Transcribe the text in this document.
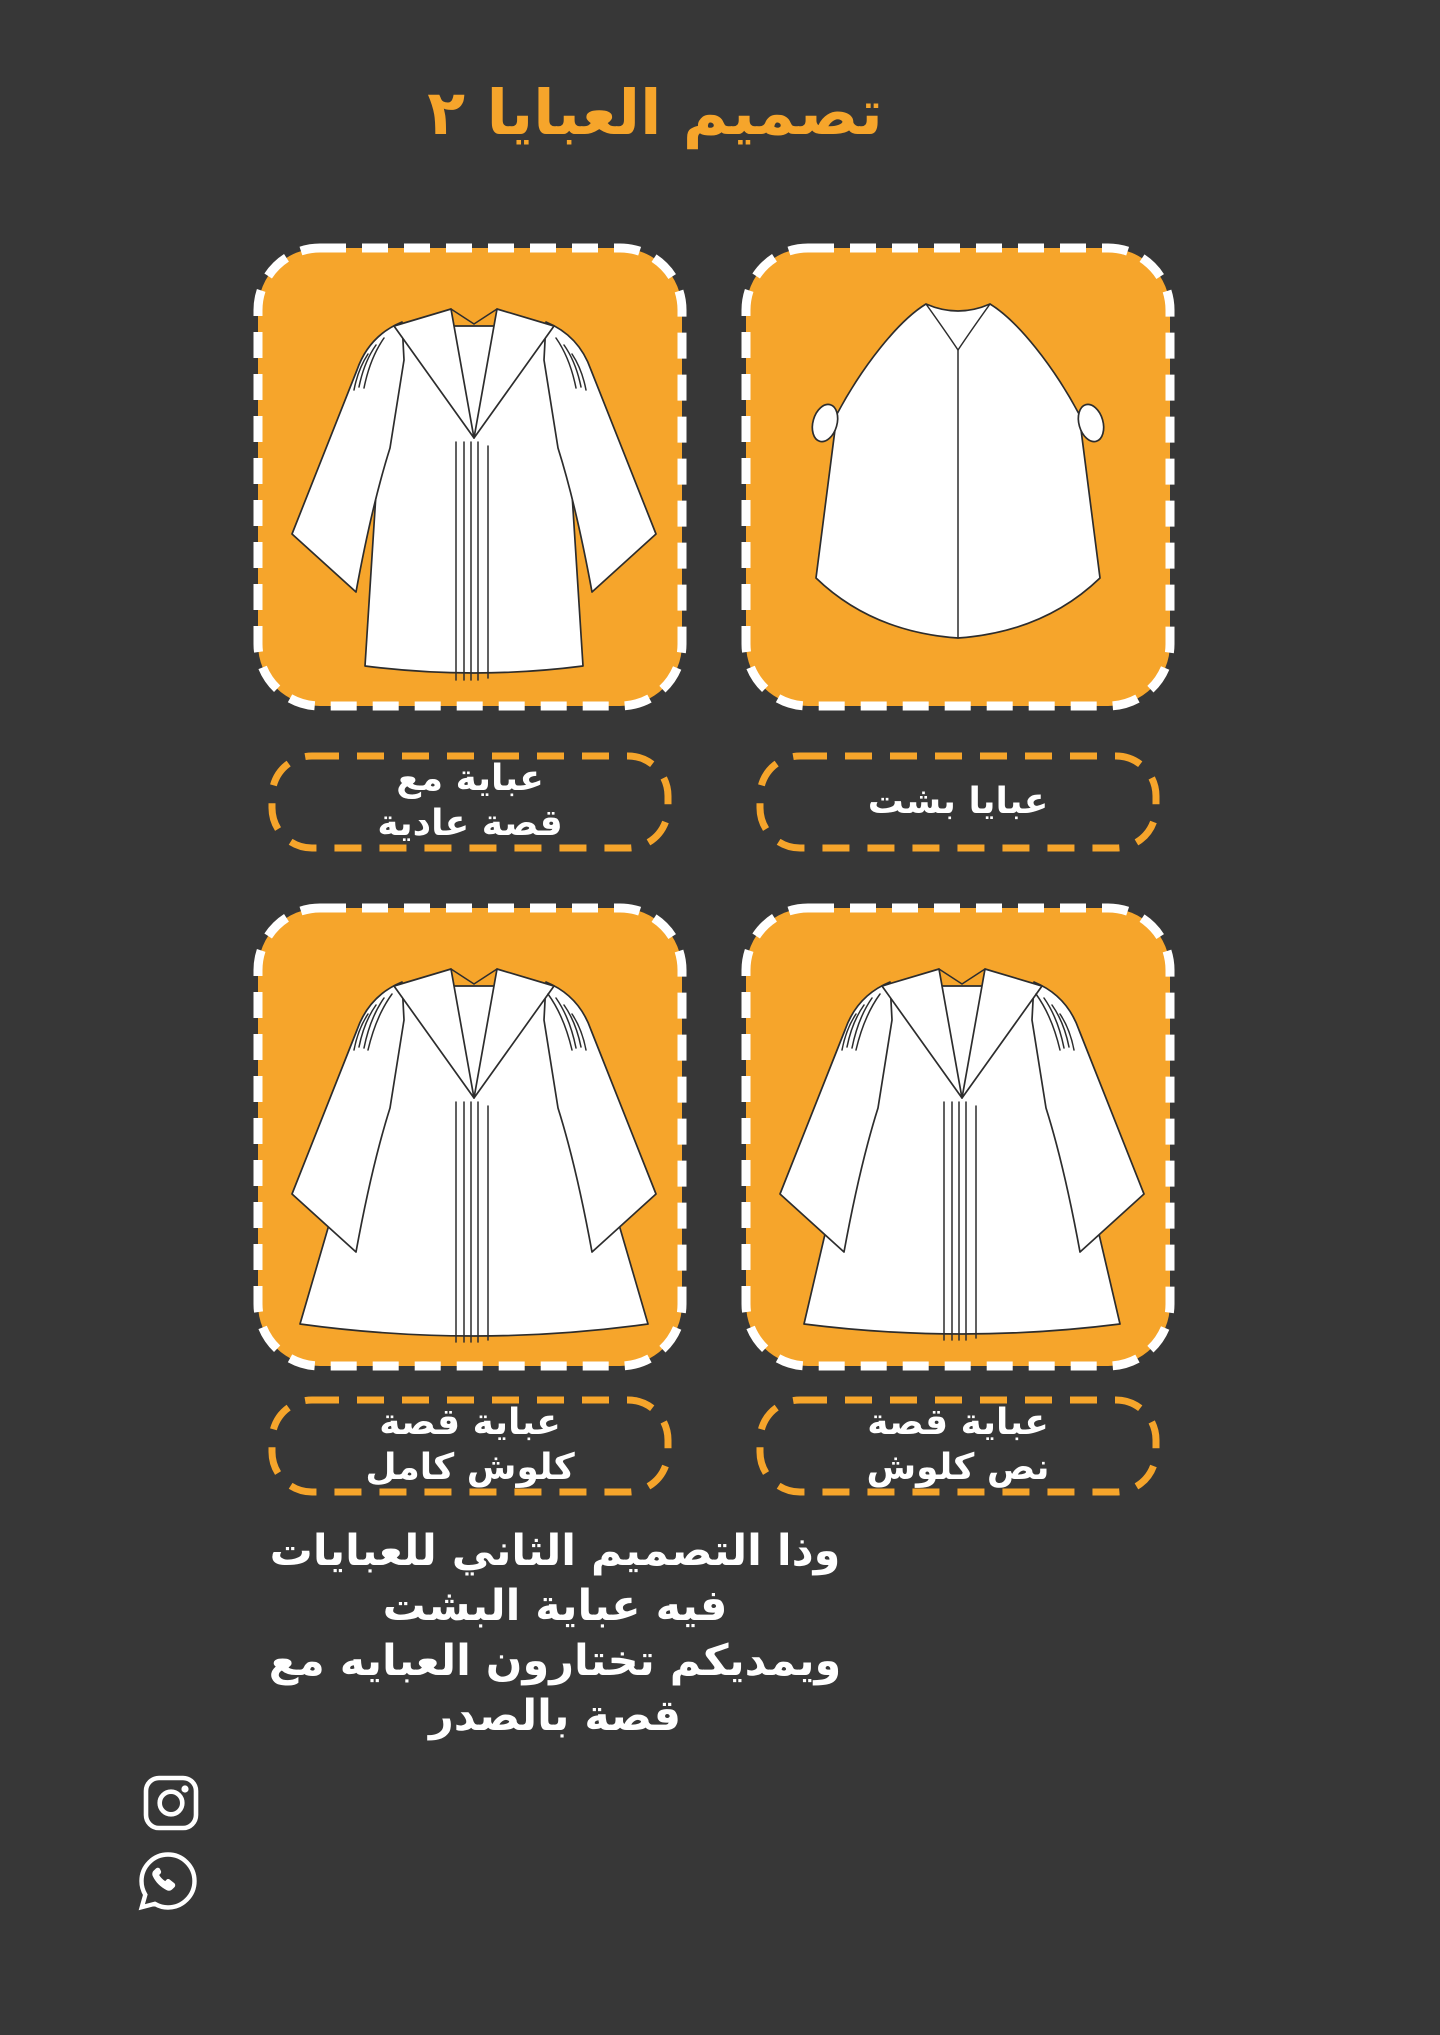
تصميم العبايا ٢
عباية مع
قصة عادية
عبايا بشت
عباية قصة
كلوش كامل
عباية قصة
نص كلوش
وذا التصميم الثاني للعبايات
فيه عباية البشت
ويمديكم تختارون العبايه مع
قصة بالصدر
